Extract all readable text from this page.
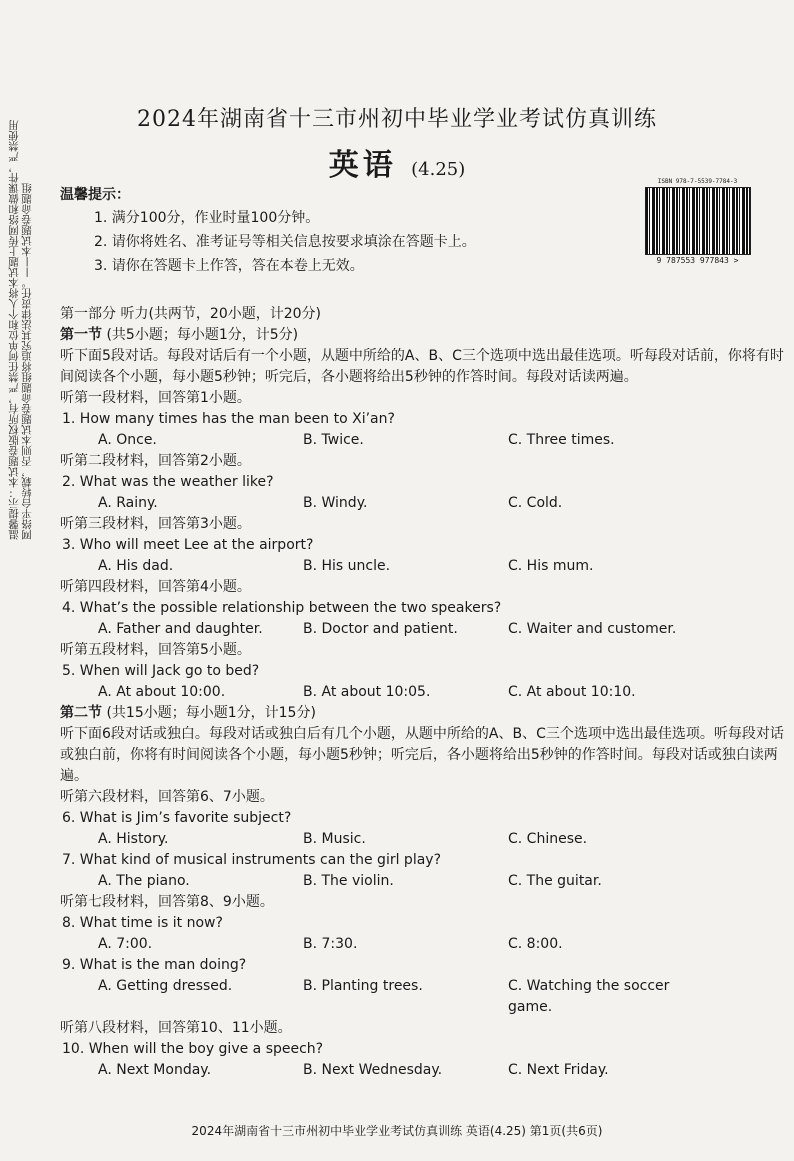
温馨提示：本试题卷版权所有，严禁任何单位和个人将本试题上传网络和做课件，严禁使用网络平台转载，否则本试题卷命题组将追究其法律责任。——本试题卷命题组
2024年湖南省十三市州初中毕业学业考试仿真训练
英语 (4.25)
温馨提示：
1. 满分100分，作业时量100分钟。
2. 请你将姓名、准考证号等相关信息按要求填涂在答题卡上。
3. 请你在答题卡上作答，答在本卷上无效。
ISBN 978-7-5539-7784-3
9 787553 977843 >
第一部分 听力(共两节，20小题，计20分)
第一节 (共5小题；每小题1分，计5分)
听下面5段对话。每段对话后有一个小题，从题中所给的A、B、C三个选项中选出最佳选项。听每段对话前，你将有时间阅读各个小题，每小题5秒钟；听完后，各小题将给出5秒钟的作答时间。每段对话读两遍。
听第一段材料，回答第1小题。
1. How many times has the man been to Xi’an?
A. Once.	B. Twice.	C. Three times.
听第二段材料，回答第2小题。
2. What was the weather like?
A. Rainy.	B. Windy.	C. Cold.
听第三段材料，回答第3小题。
3. Who will meet Lee at the airport?
A. His dad.	B. His uncle.	C. His mum.
听第四段材料，回答第4小题。
4. What’s the possible relationship between the two speakers?
A. Father and daughter.	B. Doctor and patient.	C. Waiter and customer.
听第五段材料，回答第5小题。
5. When will Jack go to bed?
A. At about 10:00.	B. At about 10:05.	C. At about 10:10.
第二节 (共15小题；每小题1分，计15分)
听下面6段对话或独白。每段对话或独白后有几个小题，从题中所给的A、B、C三个选项中选出最佳选项。听每段对话或独白前，你将有时间阅读各个小题，每小题5秒钟；听完后，各小题将给出5秒钟的作答时间。每段对话或独白读两遍。
听第六段材料，回答第6、7小题。
6. What is Jim’s favorite subject?
A. History.	B. Music.	C. Chinese.
7. What kind of musical instruments can the girl play?
A. The piano.	B. The violin.	C. The guitar.
听第七段材料，回答第8、9小题。
8. What time is it now?
A. 7:00.	B. 7:30.	C. 8:00.
9. What is the man doing?
A. Getting dressed.	B. Planting trees.	C. Watching the soccer game.
听第八段材料，回答第10、11小题。
10. When will the boy give a speech?
A. Next Monday.	B. Next Wednesday.	C. Next Friday.
2024年湖南省十三市州初中毕业学业考试仿真训练 英语(4.25) 第1页(共6页)
